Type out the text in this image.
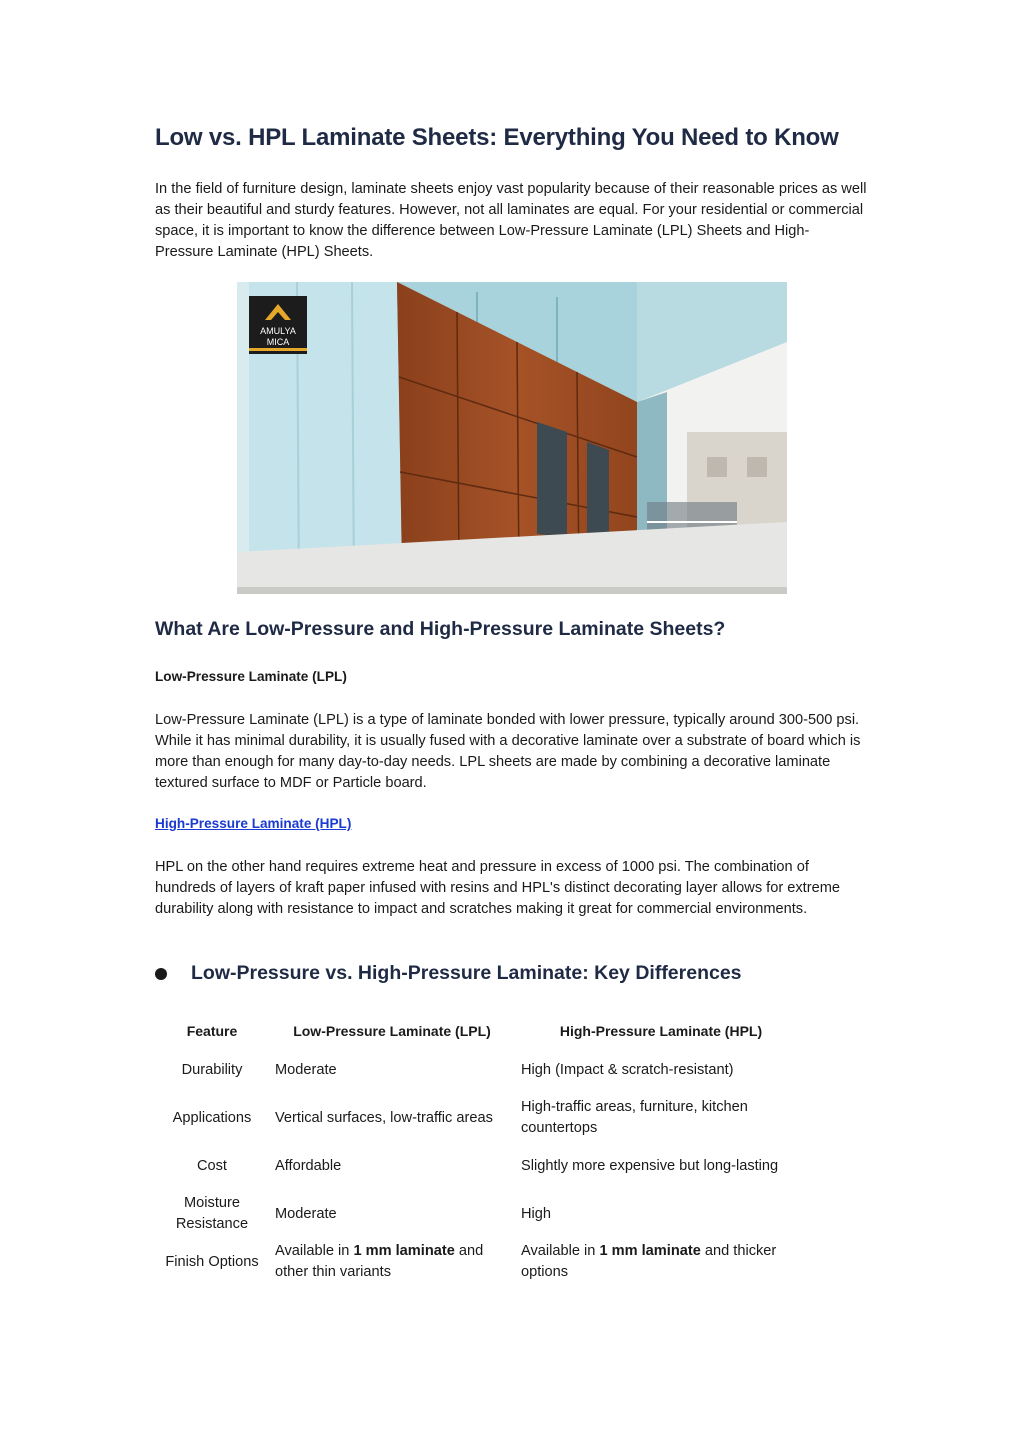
Low vs. HPL Laminate Sheets: Everything You Need to Know

In the field of furniture design, laminate sheets enjoy vast popularity because of their reasonable prices as well as their beautiful and sturdy features. However, not all laminates are equal. For your residential or commercial space, it is important to know the difference between Low-Pressure Laminate (LPL) Sheets and High-Pressure Laminate (HPL) Sheets.

AMULYA
MICA
What Are Low-Pressure and High-Pressure Laminate Sheets?

Low-Pressure Laminate (LPL)

Low-Pressure Laminate (LPL) is a type of laminate bonded with lower pressure, typically around 300-500 psi. While it has minimal durability, it is usually fused with a decorative laminate over a substrate of board which is more than enough for many day-to-day needs. LPL sheets are made by combining a decorative laminate textured surface to MDF or Particle board.

High-Pressure Laminate (HPL)

HPL on the other hand requires extreme heat and pressure in excess of 1000 psi. The combination of hundreds of layers of kraft paper infused with resins and HPL's distinct decorating layer allows for extreme durability along with resistance to impact and scratches making it great for commercial environments.

Low-Pressure vs. High-Pressure Laminate: Key Differences
Feature	Low-Pressure Laminate (LPL)	High-Pressure Laminate (HPL)
Durability	Moderate	High (Impact & scratch-resistant)
Applications	Vertical surfaces, low-traffic areas	High-traffic areas, furniture, kitchen countertops
Cost	Affordable	Slightly more expensive but long-lasting
Moisture Resistance	Moderate	High
Finish Options	Available in 1 mm laminate and other thin variants	Available in 1 mm laminate and thicker options
